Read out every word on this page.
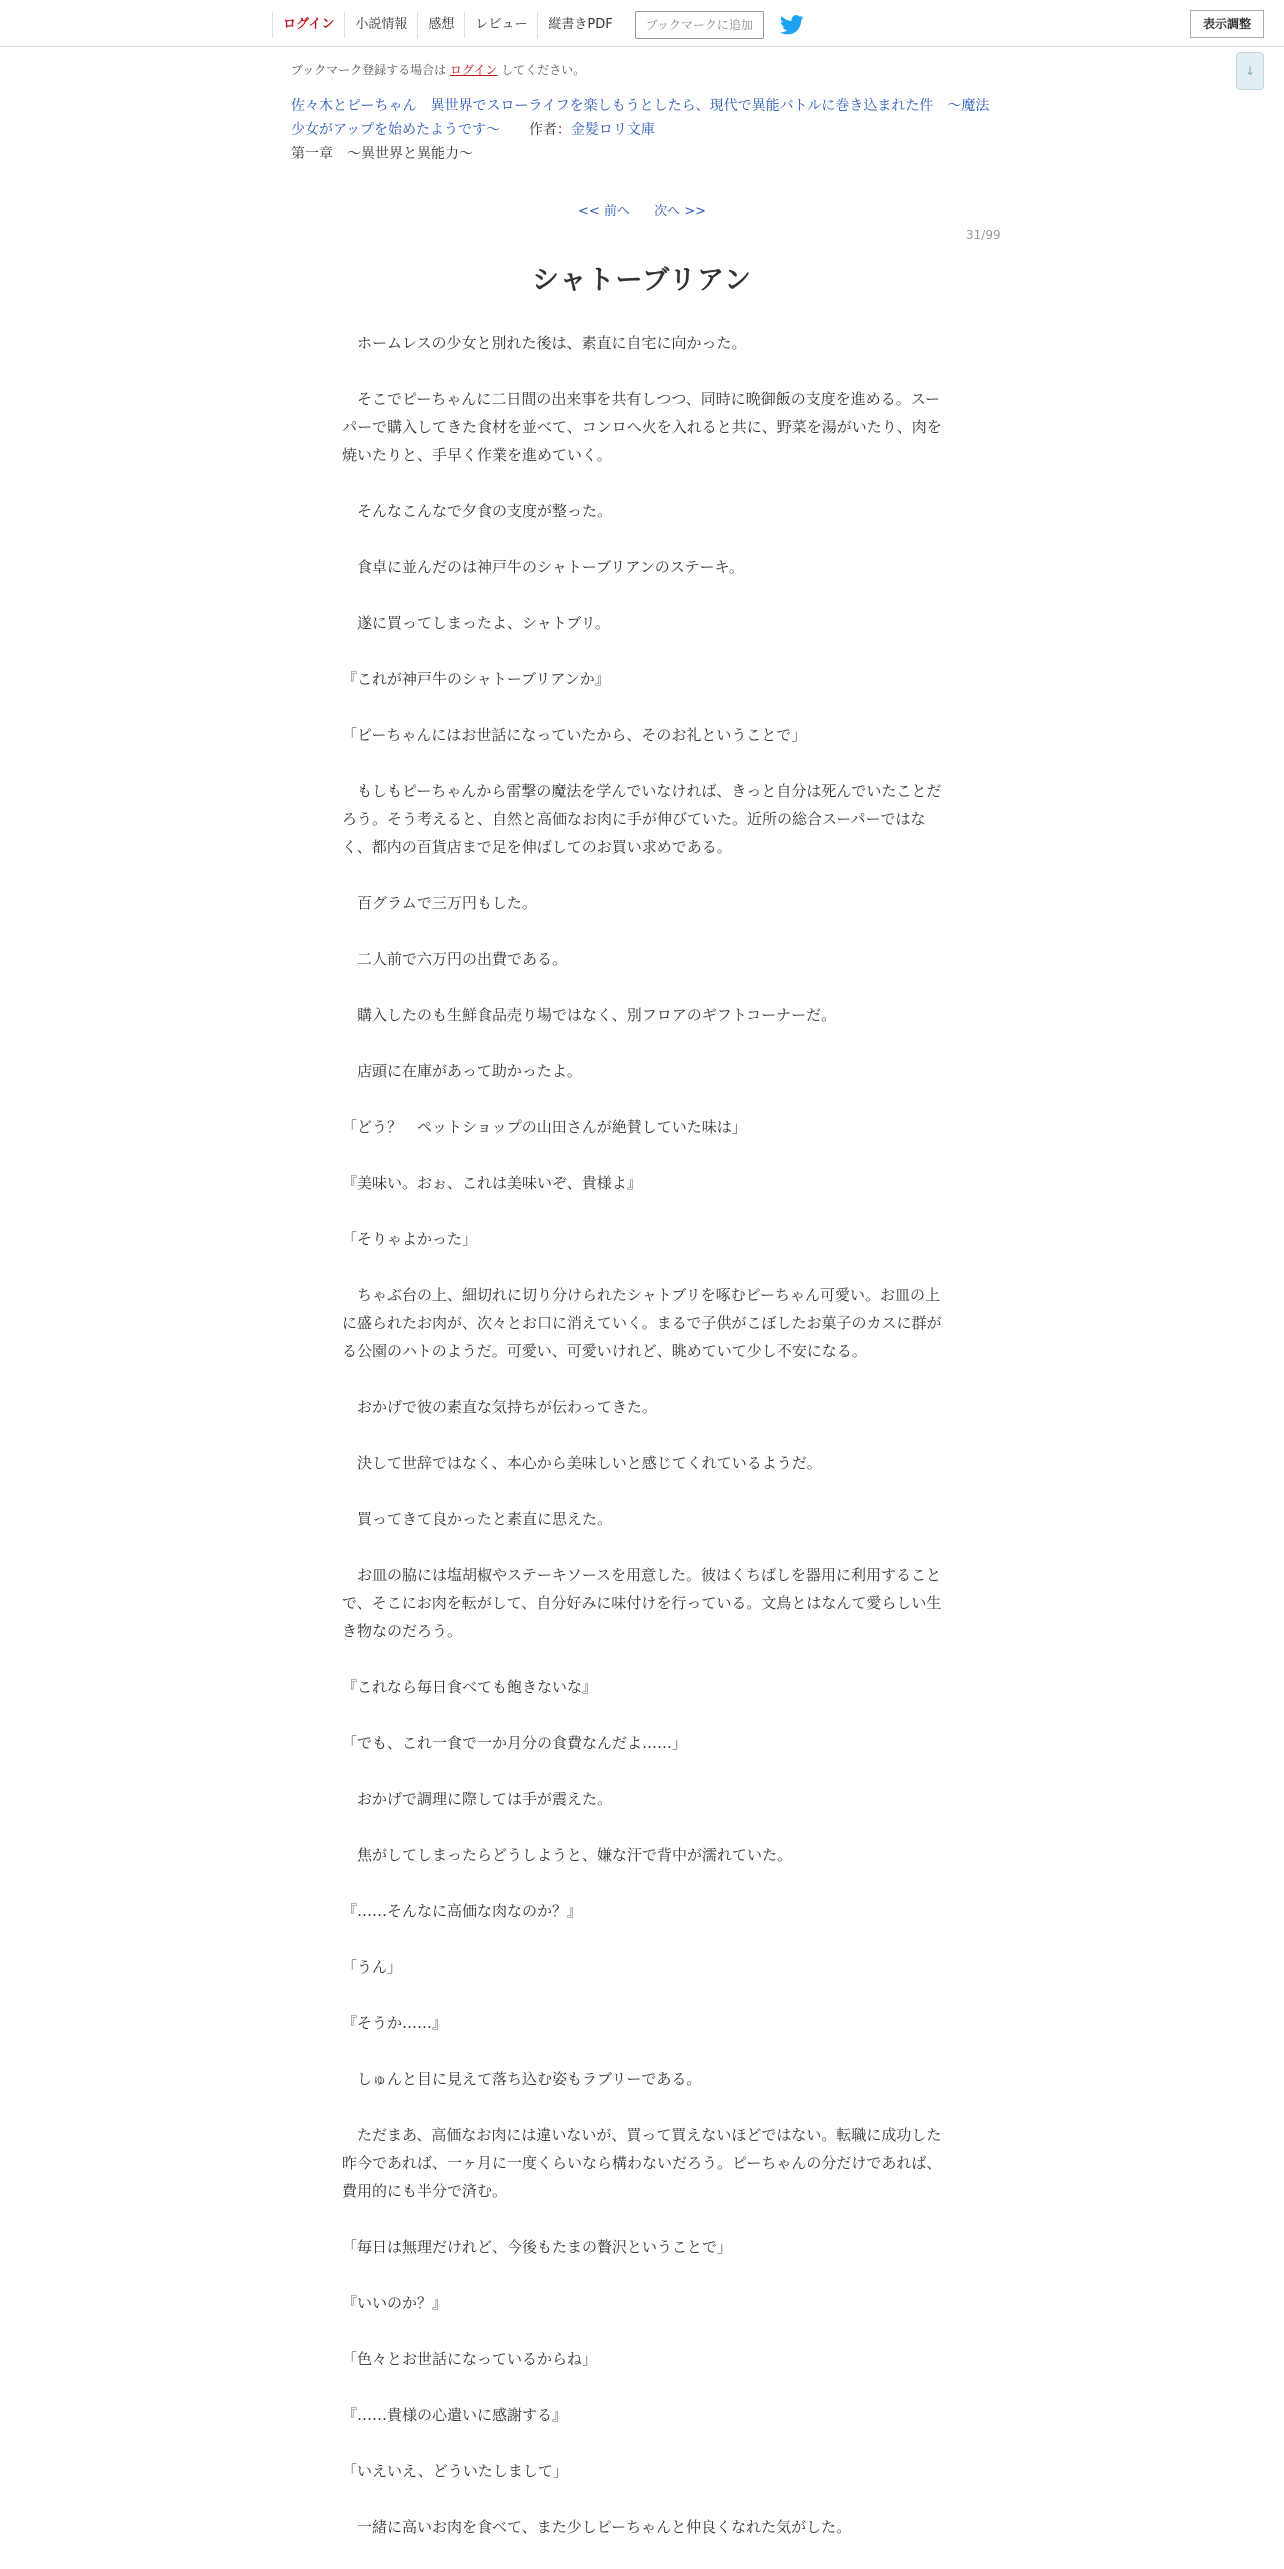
ログイン	小説情報	感想	レビュー	縦書きPDF	ブックマークに追加	表示調整
↓
ブックマーク登録する場合は ログイン してください。
佐々木とピーちゃん　異世界でスローライフを楽しもうとしたら、現代で異能バトルに巻き込まれた件　～魔法少女がアップを始めたようです～ 作者：金髪ロリ文庫
第一章　～異世界と異能力～
<< 前へ 次へ >>
31/99
シャトーブリアン

　ホームレスの少女と別れた後は、素直に自宅に向かった。

　そこでピーちゃんに二日間の出来事を共有しつつ、同時に晩御飯の支度を進める。スーパーで購入してきた食材を並べて、コンロへ火を入れると共に、野菜を湯がいたり、肉を焼いたりと、手早く作業を進めていく。

　そんなこんなで夕食の支度が整った。

　食卓に並んだのは神戸牛のシャトーブリアンのステーキ。

　遂に買ってしまったよ、シャトブリ。

『これが神戸牛のシャトーブリアンか』

「ピーちゃんにはお世話になっていたから、そのお礼ということで」

　もしもピーちゃんから雷撃の魔法を学んでいなければ、きっと自分は死んでいたことだろう。そう考えると、自然と高価なお肉に手が伸びていた。近所の総合スーパーではなく、都内の百貨店まで足を伸ばしてのお買い求めである。

　百グラムで三万円もした。

　二人前で六万円の出費である。

　購入したのも生鮮食品売り場ではなく、別フロアのギフトコーナーだ。

　店頭に在庫があって助かったよ。

「どう？　ペットショップの山田さんが絶賛していた味は」

『美味い。おぉ、これは美味いぞ、貴様よ』

「そりゃよかった」

　ちゃぶ台の上、細切れに切り分けられたシャトブリを啄むピーちゃん可愛い。お皿の上に盛られたお肉が、次々とお口に消えていく。まるで子供がこぼしたお菓子のカスに群がる公園のハトのようだ。可愛い、可愛いけれど、眺めていて少し不安になる。

　おかげで彼の素直な気持ちが伝わってきた。

　決して世辞ではなく、本心から美味しいと感じてくれているようだ。

　買ってきて良かったと素直に思えた。

　お皿の脇には塩胡椒やステーキソースを用意した。彼はくちばしを器用に利用することで、そこにお肉を転がして、自分好みに味付けを行っている。文鳥とはなんて愛らしい生き物なのだろう。

『これなら毎日食べても飽きないな』

「でも、これ一食で一か月分の食費なんだよ……」

　おかげで調理に際しては手が震えた。

　焦がしてしまったらどうしようと、嫌な汗で背中が濡れていた。

『……そんなに高価な肉なのか？』

「うん」

『そうか……』

　しゅんと目に見えて落ち込む姿もラブリーである。

　ただまあ、高価なお肉には違いないが、買って買えないほどではない。転職に成功した昨今であれば、一ヶ月に一度くらいなら構わないだろう。ピーちゃんの分だけであれば、費用的にも半分で済む。

「毎日は無理だけれど、今後もたまの贅沢ということで」

『いいのか？』

「色々とお世話になっているからね」

『……貴様の心遣いに感謝する』

「いえいえ、どういたしまして」

　一緒に高いお肉を食べて、また少しピーちゃんと仲良くなれた気がした。
